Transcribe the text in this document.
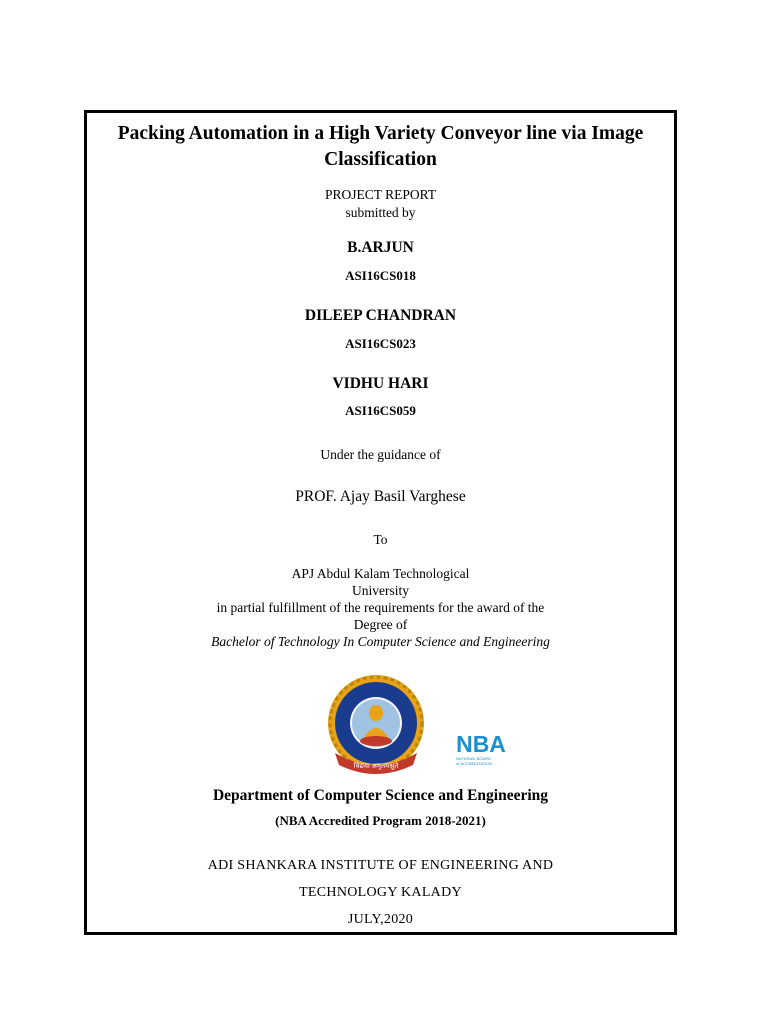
Packing Automation in a High Variety Conveyor line via Image Classification
PROJECT REPORT
submitted by
B.ARJUN
ASI16CS018
DILEEP CHANDRAN
ASI16CS023
VIDHU HARI
ASI16CS059
Under the guidance of
PROF. Ajay Basil Varghese
To
APJ Abdul Kalam Technological
University
in partial fulfillment of the requirements for the award of the
Degree of
Bachelor of Technology In Computer Science and Engineering
विद्यया अमृतमश्नुते
NBA
NATIONAL BOARD
of ACCREDITATION
Department of Computer Science and Engineering
(NBA Accredited Program 2018-2021)
ADI SHANKARA INSTITUTE OF ENGINEERING AND
TECHNOLOGY KALADY
JULY,2020
